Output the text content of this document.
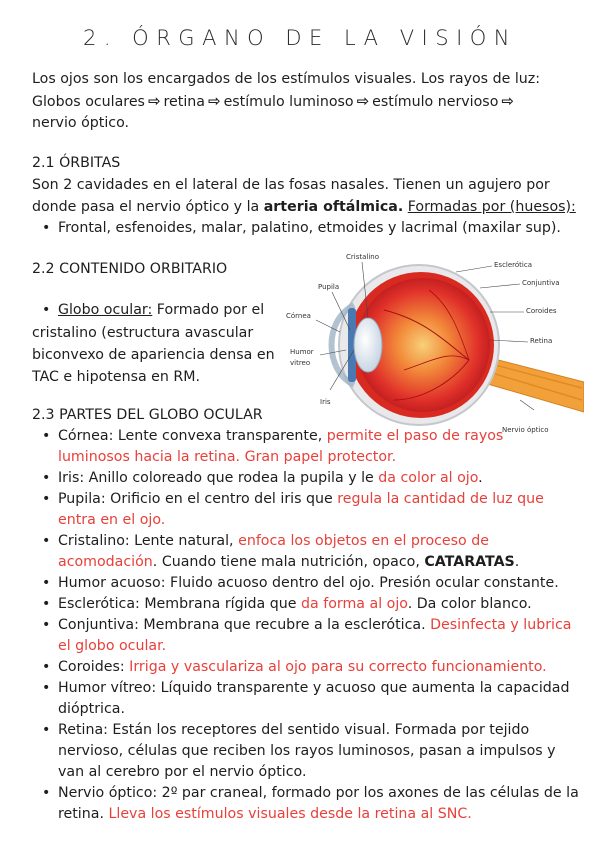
2. ÓRGANO DE LA VISIÓN
Los ojos son los encargados de los estímulos visuales. Los rayos de luz:
Globos oculares ⇨ retina ⇨ estímulo luminoso ⇨ estímulo nervioso ⇨
nervio óptico.
2.1 ÓRBITAS
Son 2 cavidades en el lateral de las fosas nasales. Tienen un agujero por
donde pasa el nervio óptico y la arteria oftálmica. Formadas por (huesos):
• Frontal, esfenoides, malar, palatino, etmoides y lacrimal (maxilar sup).
2.2 CONTENIDO ORBITARIO
• Globo ocular: Formado por el
cristalino (estructura avascular
biconvexo de apariencia densa en
TAC e hipotensa en RM.
Cristalino
Pupila
Córnea
Humor
vitreo
Iris
Esclerótica
Conjuntiva
Coroides
Retina
Nervio óptico
2.3 PARTES DEL GLOBO OCULAR
• Córnea: Lente convexa transparente, permite el paso de rayos
luminosos hacia la retina. Gran papel protector.
• Iris: Anillo coloreado que rodea la pupila y le da color al ojo.
• Pupila: Orificio en el centro del iris que regula la cantidad de luz que
entra en el ojo.
• Cristalino: Lente natural, enfoca los objetos en el proceso de
acomodación. Cuando tiene mala nutrición, opaco, CATARATAS.
• Humor acuoso: Fluido acuoso dentro del ojo. Presión ocular constante.
• Esclerótica: Membrana rígida que da forma al ojo. Da color blanco.
• Conjuntiva: Membrana que recubre a la esclerótica. Desinfecta y lubrica
el globo ocular.
• Coroides: Irriga y vasculariza al ojo para su correcto funcionamiento.
• Humor vítreo: Líquido transparente y acuoso que aumenta la capacidad
dióptrica.
• Retina: Están los receptores del sentido visual. Formada por tejido
nervioso, células que reciben los rayos luminosos, pasan a impulsos y
van al cerebro por el nervio óptico.
• Nervio óptico: 2º par craneal, formado por los axones de las células de la
retina. Lleva los estímulos visuales desde la retina al SNC.
